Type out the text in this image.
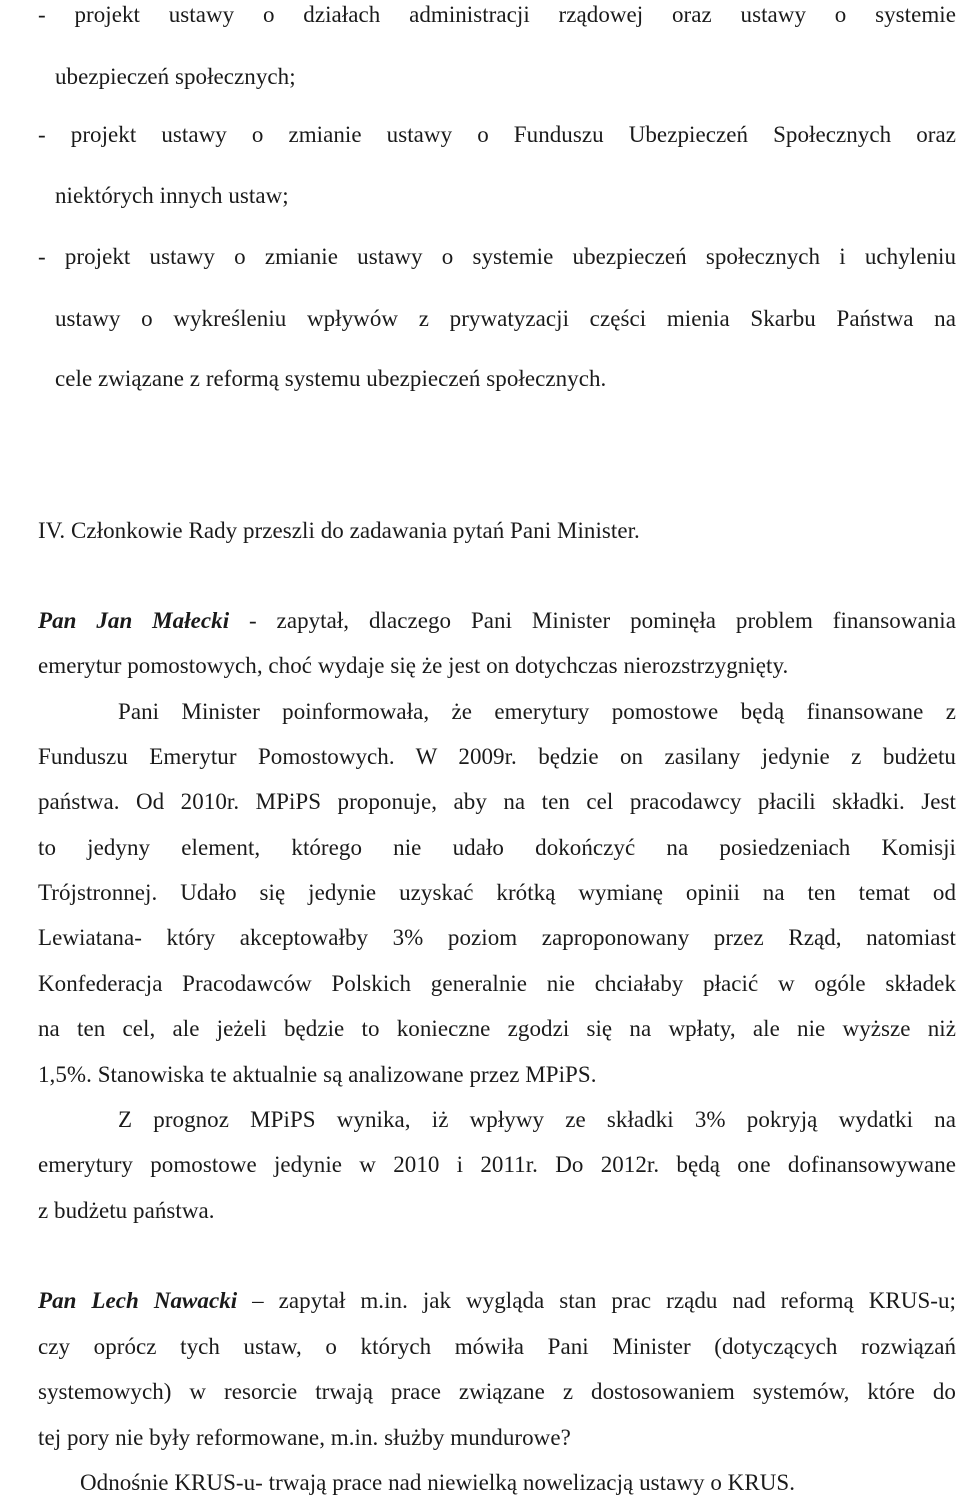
- projekt ustawy o działach administracji rządowej oraz ustawy o systemie
ubezpieczeń społecznych;
- projekt ustawy o zmianie ustawy o Funduszu Ubezpieczeń Społecznych oraz
niektórych innych ustaw;
- projekt ustawy o zmianie ustawy o systemie ubezpieczeń społecznych i uchyleniu
ustawy o wykreśleniu wpływów z prywatyzacji części mienia Skarbu Państwa na
cele związane z reformą systemu ubezpieczeń społecznych.
IV. Członkowie Rady przeszli do zadawania pytań Pani Minister.
Pan Jan Małecki - zapytał, dlaczego Pani Minister pominęła problem finansowania
emerytur pomostowych, choć wydaje się że jest on dotychczas nierozstrzygnięty.
Pani Minister poinformowała, że emerytury pomostowe będą finansowane z
Funduszu Emerytur Pomostowych. W 2009r. będzie on zasilany jedynie z budżetu
państwa. Od 2010r. MPiPS proponuje, aby na ten cel pracodawcy płacili składki. Jest
to jedyny element, którego nie udało dokończyć na posiedzeniach Komisji
Trójstronnej. Udało się jedynie uzyskać krótką wymianę opinii na ten temat od
Lewiatana- który akceptowałby 3% poziom zaproponowany przez Rząd, natomiast
Konfederacja Pracodawców Polskich generalnie nie chciałaby płacić w ogóle składek
na ten cel, ale jeżeli będzie to konieczne zgodzi się na wpłaty, ale nie wyższe niż
1,5%. Stanowiska te aktualnie są analizowane przez MPiPS.
Z prognoz MPiPS wynika, iż wpływy ze składki 3% pokryją wydatki na
emerytury pomostowe jedynie w 2010 i 2011r. Do 2012r. będą one dofinansowywane
z budżetu państwa.
Pan Lech Nawacki – zapytał m.in. jak wygląda stan prac rządu nad reformą KRUS-u;
czy oprócz tych ustaw, o których mówiła Pani Minister (dotyczących rozwiązań
systemowych) w resorcie trwają prace związane z dostosowaniem systemów, które do
tej pory nie były reformowane, m.in. służby mundurowe?
Odnośnie KRUS-u- trwają prace nad niewielką nowelizacją ustawy o KRUS.
